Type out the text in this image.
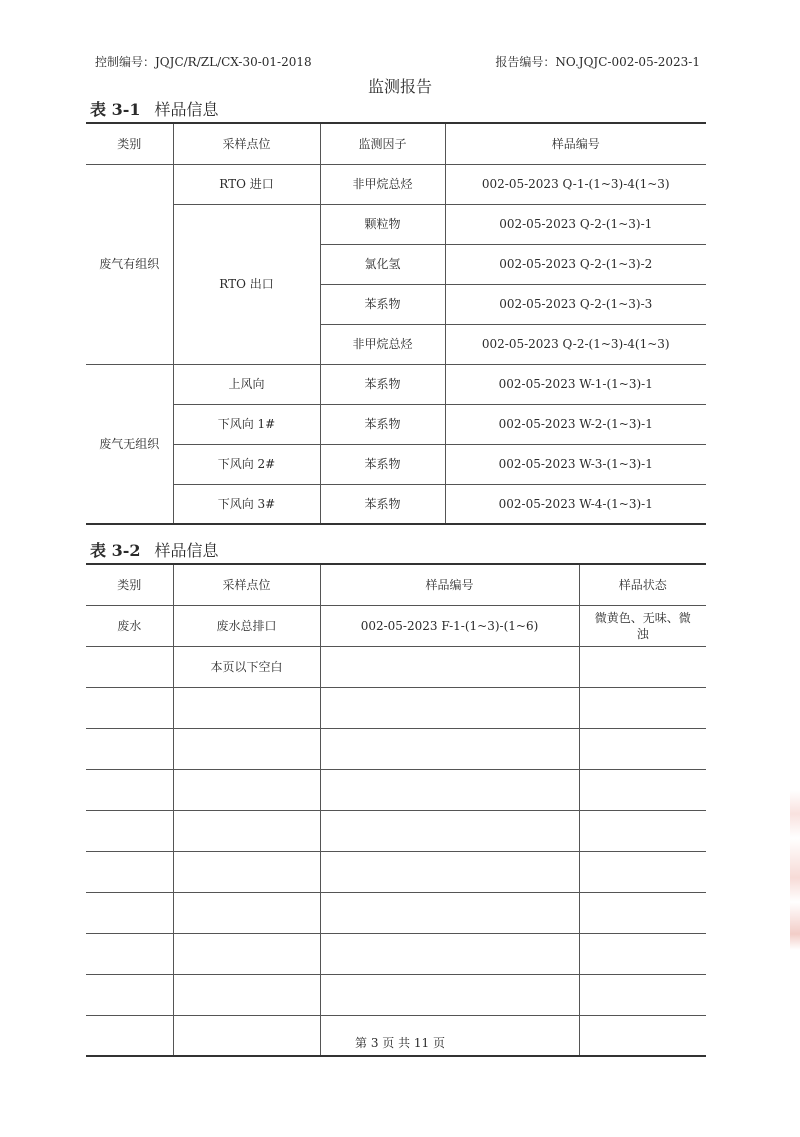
控制编号：JQJC/R/ZL/CX-30-01-2018	报告编号：NO.JQJC-002-05-2023-1
监测报告
表 3-1 样品信息
类别	采样点位	监测因子	样品编号
废气有组织	RTO 进口	非甲烷总烃	002-05-2023 Q-1-(1~3)-4(1~3)
	RTO 出口	颗粒物	002-05-2023 Q-2-(1~3)-1
		氯化氢	002-05-2023 Q-2-(1~3)-2
		苯系物	002-05-2023 Q-2-(1~3)-3
		非甲烷总烃	002-05-2023 Q-2-(1~3)-4(1~3)
废气无组织	上风向	苯系物	002-05-2023 W-1-(1~3)-1
	下风向 1#	苯系物	002-05-2023 W-2-(1~3)-1
	下风向 2#	苯系物	002-05-2023 W-3-(1~3)-1
	下风向 3#	苯系物	002-05-2023 W-4-(1~3)-1
表 3-2 样品信息
类别	采样点位	样品编号	样品状态
废水	废水总排口	002-05-2023 F-1-(1~3)-(1~6)	微黄色、无味、微浊
	本页以下空白		

第 3 页 共 11 页
